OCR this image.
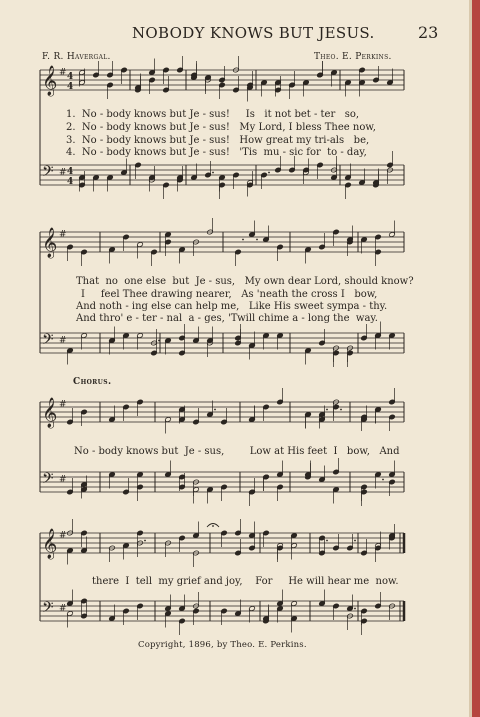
NOBODY KNOWS BUT JESUS.	23
F. R. Havergal.	Theo. E. Perkins.
𝄞 # 4
4
𝄢 # 4
4
𝄞 #
𝄢 #
𝄞 #
𝄢 #
𝄞 #
𝄢 #
1.  No - body knows but Je - sus!     Is   it not bet - ter   so,
2.  No - body knows but Je - sus!   My Lord, I bless Thee now,
3.  No - body knows but Je - sus!   How great my tri-als   be,
4.  No - body knows but Je - sus!   'Tis  mu - sic for  to - day,
That  no  one else  but  Je - sus,   My own dear Lord, should know?
I     feel Thee drawing nearer,   As 'neath the cross I   bow,
And noth - ing else can help me,   Like His sweet sympa - thy.
And thro' e - ter - nal  a - ges, 'Twill chime a - long the  way.
Chorus.
No - body knows but  Je - sus,        Low at His feet  I   bow,   And
there  I  tell  my grief and joy,    For     He will hear me  now.
Copyright, 1896, by Theo. E. Perkins.
